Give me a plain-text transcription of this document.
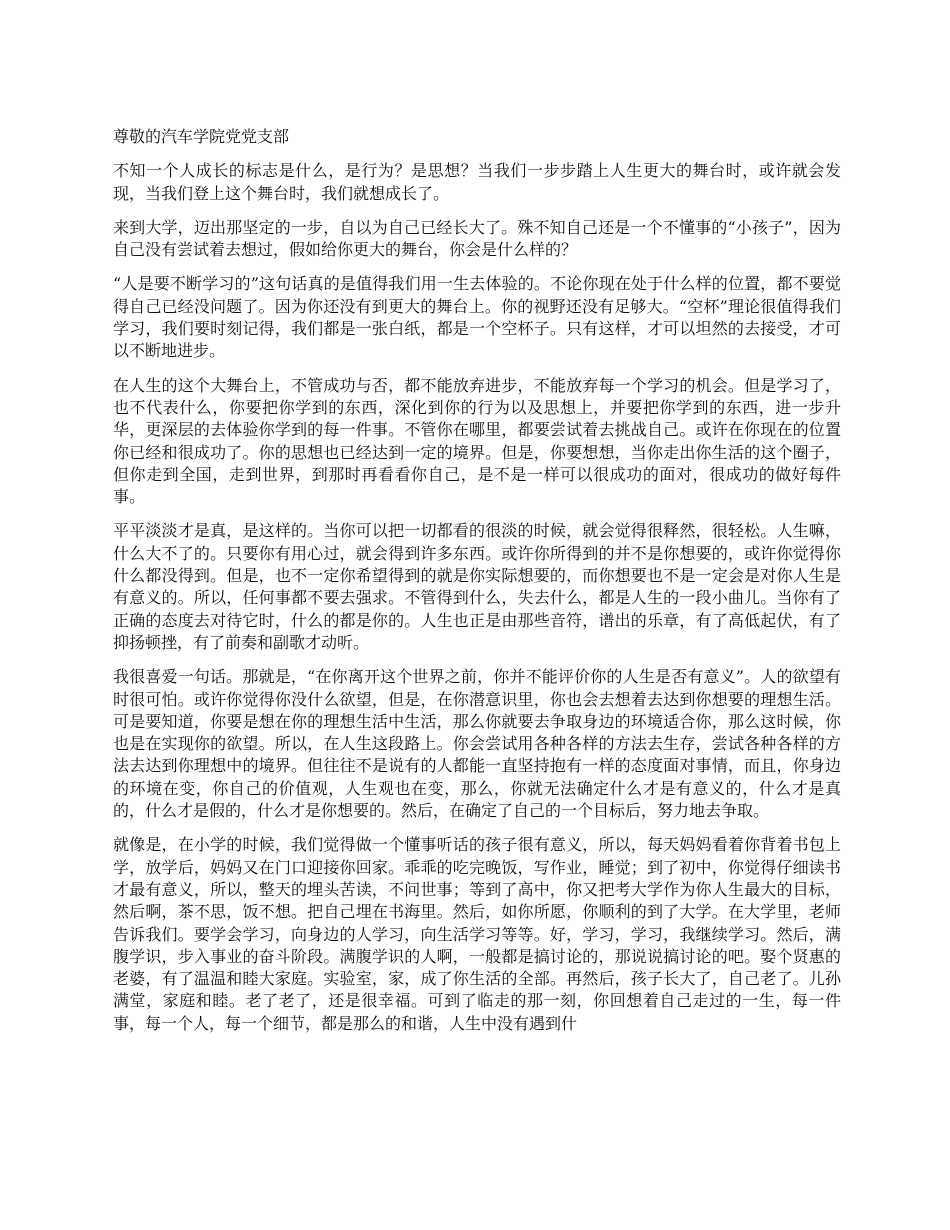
尊敬的汽车学院党党支部

不知一个人成长的标志是什么，是行为？是思想？当我们一步步踏上人生更大的舞台时，或许就会发现，当我们登上这个舞台时，我们就想成长了。

来到大学，迈出那坚定的一步，自以为自己已经长大了。殊不知自己还是一个不懂事的“小孩子”，因为自己没有尝试着去想过，假如给你更大的舞台，你会是什么样的？

“人是要不断学习的”这句话真的是值得我们用一生去体验的。不论你现在处于什么样的位置，都不要觉得自己已经没问题了。因为你还没有到更大的舞台上。你的视野还没有足够大。“空杯”理论很值得我们学习，我们要时刻记得，我们都是一张白纸，都是一个空杯子。只有这样，才可以坦然的去接受，才可以不断地进步。

在人生的这个大舞台上，不管成功与否，都不能放弃进步，不能放弃每一个学习的机会。但是学习了，也不代表什么，你要把你学到的东西，深化到你的行为以及思想上，并要把你学到的东西，进一步升华，更深层的去体验你学到的每一件事。不管你在哪里，都要尝试着去挑战自己。或许在你现在的位置你已经和很成功了。你的思想也已经达到一定的境界。但是，你要想想，当你走出你生活的这个圈子，但你走到全国，走到世界，到那时再看看你自己，是不是一样可以很成功的面对，很成功的做好每件事。

平平淡淡才是真，是这样的。当你可以把一切都看的很淡的时候，就会觉得很释然，很轻松。人生嘛，什么大不了的。只要你有用心过，就会得到许多东西。或许你所得到的并不是你想要的，或许你觉得你什么都没得到。但是，也不一定你希望得到的就是你实际想要的，而你想要也不是一定会是对你人生是有意义的。所以，任何事都不要去强求。不管得到什么，失去什么，都是人生的一段小曲儿。当你有了正确的态度去对待它时，什么的都是你的。人生也正是由那些音符，谱出的乐章，有了高低起伏，有了抑扬顿挫，有了前奏和副歌才动听。

我很喜爱一句话。那就是，“在你离开这个世界之前，你并不能评价你的人生是否有意义”。人的欲望有时很可怕。或许你觉得你没什么欲望，但是，在你潜意识里，你也会去想着去达到你想要的理想生活。可是要知道，你要是想在你的理想生活中生活，那么你就要去争取身边的环境适合你，那么这时候，你也是在实现你的欲望。所以，在人生这段路上。你会尝试用各种各样的方法去生存，尝试各种各样的方法去达到你理想中的境界。但往往不是说有的人都能一直坚持抱有一样的态度面对事情，而且，你身边的环境在变，你自己的价值观，人生观也在变，那么，你就无法确定什么才是有意义的，什么才是真的，什么才是假的，什么才是你想要的。然后，在确定了自己的一个目标后，努力地去争取。

就像是，在小学的时候，我们觉得做一个懂事听话的孩子很有意义，所以，每天妈妈看着你背着书包上学，放学后，妈妈又在门口迎接你回家。乖乖的吃完晚饭，写作业，睡觉；到了初中，你觉得仔细读书才最有意义，所以，整天的埋头苦读，不问世事；等到了高中，你又把考大学作为你人生最大的目标，然后啊，茶不思，饭不想。把自己埋在书海里。然后，如你所愿，你顺利的到了大学。在大学里，老师告诉我们。要学会学习，向身边的人学习，向生活学习等等。好，学习，学习，我继续学习。然后，满腹学识，步入事业的奋斗阶段。满腹学识的人啊，一般都是搞讨论的，那说说搞讨论的吧。娶个贤惠的老婆，有了温温和睦大家庭。实验室，家，成了你生活的全部。再然后，孩子长大了，自己老了。儿孙满堂，家庭和睦。老了老了，还是很幸福。可到了临走的那一刻，你回想着自己走过的一生，每一件事，每一个人，每一个细节，都是那么的和谐，人生中没有遇到什
